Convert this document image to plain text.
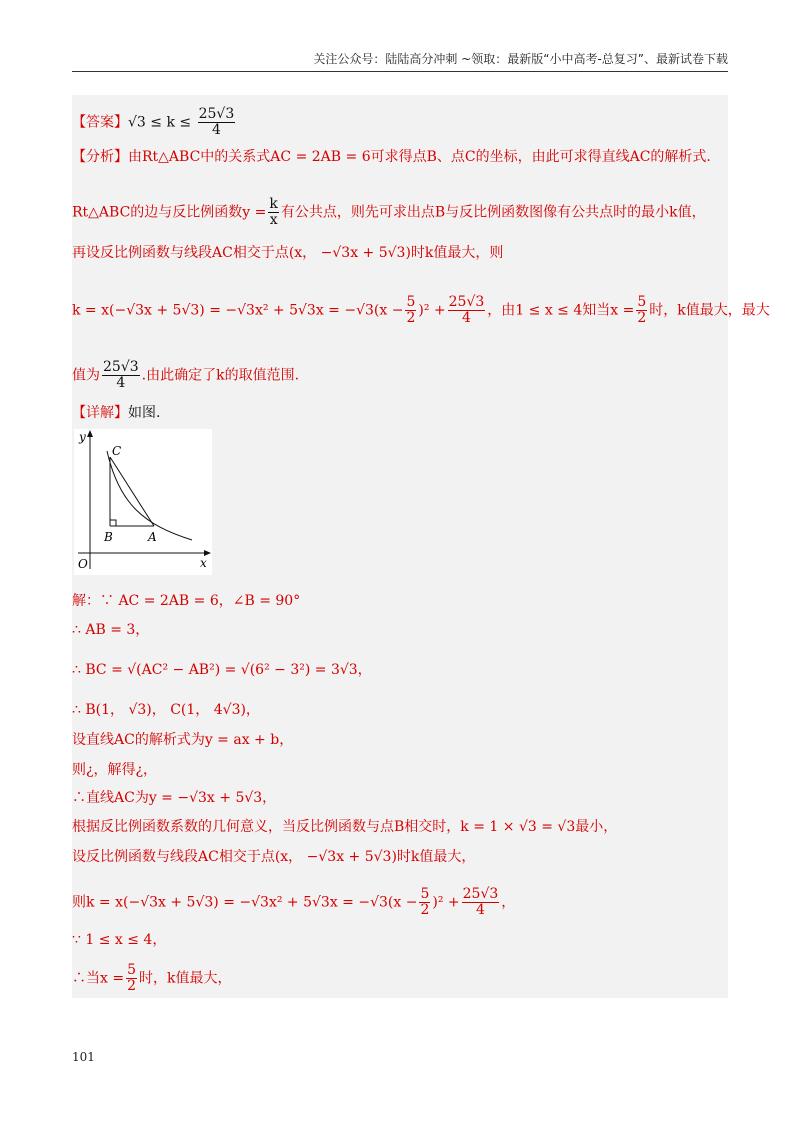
关注公众号：陆陆高分冲刺 ~领取：最新版“小中高考-总复习”、最新试卷下载
【答案】$√3 \le k \le \frac{25√3}{4}$
【分析】由Rt△ABC中的关系式AC = 2AB = 6可求得点B、点C的坐标，由此可求得直线AC的解析式.
Rt△ABC的边与反比例函数$y = \frac{k}{x}$ 有公共点，则先可求出点B与反比例函数图像有公共点时的最小k值，
再设反比例函数与线段AC相交于点(x， −√3x + 5√3)时k值最大，则
$k = x(-√3x + 5√3) = -√3x^2 + 5√3x = -√3(x - \frac{5}{2} )^2 + \frac{25√3}{4}$ ，由1 ≤ x ≤ 4知当$x = \frac{5}{2}$ 时，k值最大，最大
值为 $\frac{25√3}{4}$ .由此确定了k的取值范围.
【详解】如图.
y
x
O
C
B	A
解：∵ AC = 2AB = 6，∠B = 90°
∴ AB = 3，
∴ BC = √(AC² − AB²) = √(6² − 3²) = 3√3，
∴ B(1， √3)， C(1， 4√3)，
设直线AC的解析式为y = ax + b，
则¿，解得¿，
∴直线AC为y = −√3x + 5√3，
根据反比例函数系数的几何意义，当反比例函数与点B相交时，k = 1 × √3 = √3最小，
设反比例函数与线段AC相交于点(x， −√3x + 5√3)时k值最大，
则$k = x(-√3x + 5√3) = -√3x^2 + 5√3x = -√3(x - \frac{5}{2} )^2 + \frac{25√3}{4}$ ，
∵ 1 ≤ x ≤ 4，
∴当$x = \frac{5}{2}$ 时，k值最大，
101
